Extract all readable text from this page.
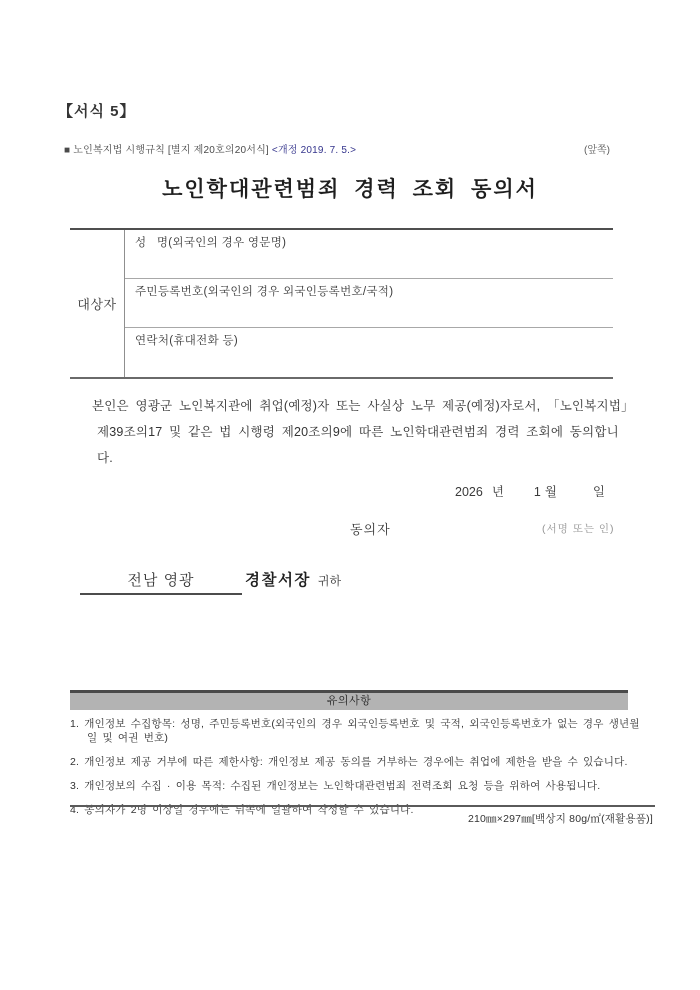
【서식 5】
■ 노인복지법 시행규칙 [별지 제20호의20서식] <개정 2019. 7. 5.>	(앞쪽)
노인학대관련범죄 경력 조회 동의서
대상자
성   명(외국인의 경우 영문명)
주민등록번호(외국인의 경우 외국인등록번호/국적)
연락처(휴대전화 등)
본인은 영광군 노인복지관에 취업(예정)자 또는 사실상 노무 제공(예정)자로서, 「노인복지법」
제39조의17 및 같은 법 시행령 제20조의9에 따른 노인학대관련범죄 경력 조회에 동의합니다.
2026 년 1 월	일
동의자	(서명 또는 인)
전남 영광	경찰서장 귀하
유의사항
1. 개인정보 수집항목: 성명, 주민등록번호(외국인의 경우 외국인등록번호 및 국적, 외국인등록번호가 없는 경우 생년월일 및 여권 번호)
2. 개인정보 제공 거부에 따른 제한사항: 개인정보 제공 동의를 거부하는 경우에는 취업에 제한을 받을 수 있습니다.
3. 개인정보의 수집 · 이용 목적: 수집된 개인정보는 노인학대관련범죄 전력조회 요청 등을 위하여 사용됩니다.
4. 동의자가 2명 이상일 경우에는 뒤쪽에 일괄하여 작성할 수 있습니다.
210㎜×297㎜[백상지 80g/㎡(재활용품)]
